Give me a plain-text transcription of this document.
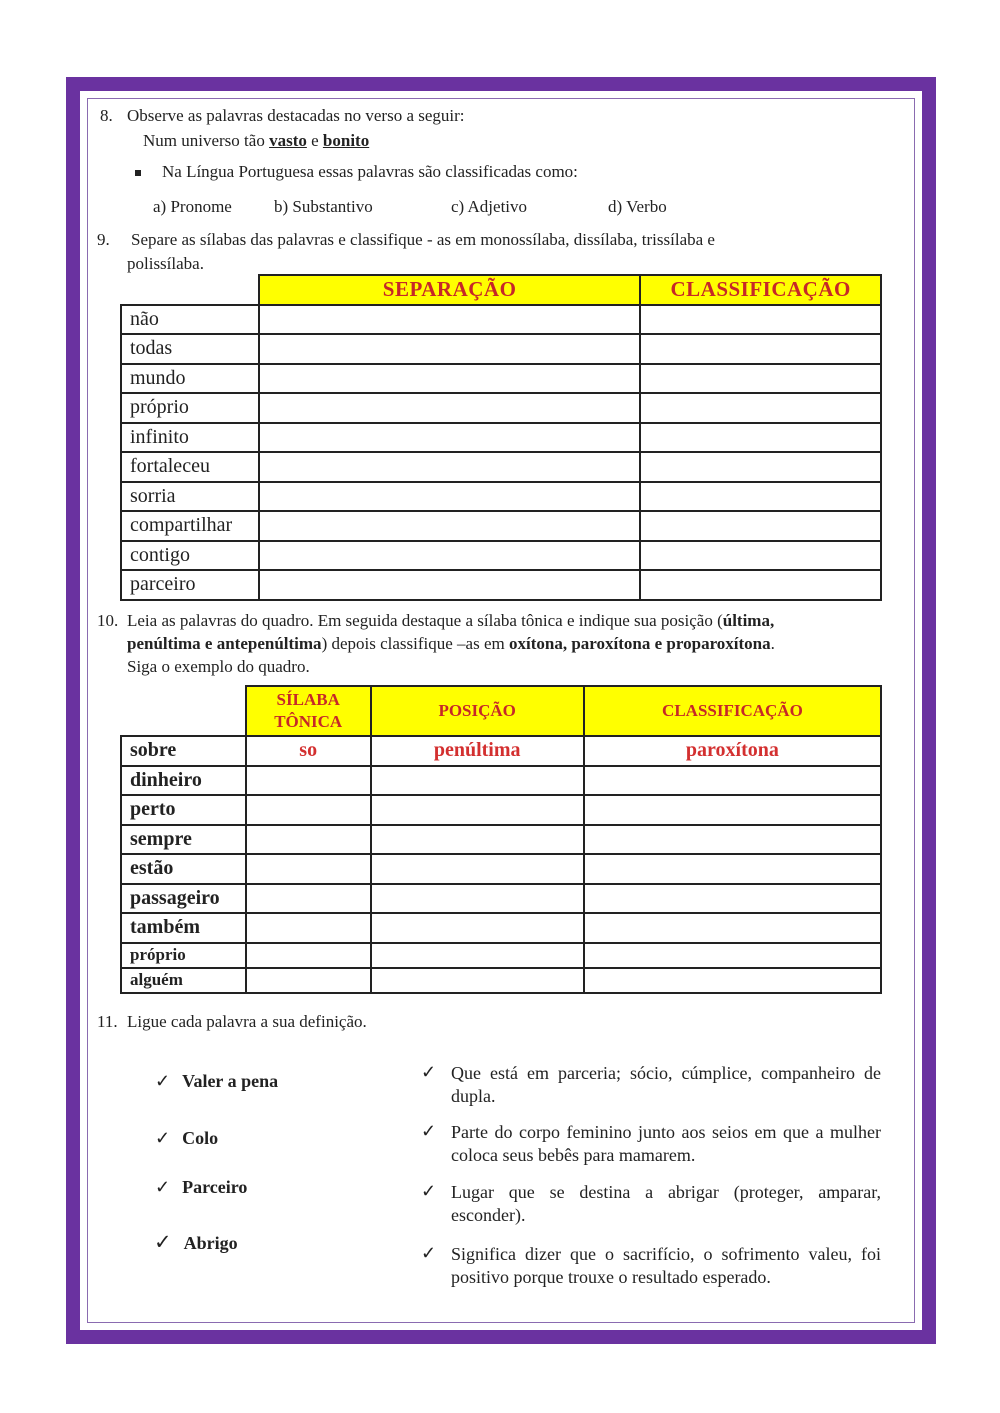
8. Observe as palavras destacadas no verso a seguir:
Num universo tão vasto e bonito
Na Língua Portuguesa essas palavras são classificadas como:
a) Pronome b) Substantivo	c) Adjetivo	d) Verbo
9. Separe as sílabas das palavras e classifique - as em monossílaba, dissílaba, trissílaba e
polissílaba.
	SEPARAÇÃO	CLASSIFICAÇÃO
não		
todas		
mundo		
próprio		
infinito		
fortaleceu		
sorria		
compartilhar		
contigo		
parceiro		
10. Leia as palavras do quadro. Em seguida destaque a sílaba tônica e indique sua posição (última,
penúltima e antepenúltima) depois classifique –as em oxítona, paroxítona e proparoxítona.
Siga o exemplo do quadro.
	SÍLABA TÔNICA	POSIÇÃO	CLASSIFICAÇÃO
sobre	so	penúltima	paroxítona
dinheiro			
perto			
sempre			
estão			
passageiro			
também			
próprio			
alguém			
11. Ligue cada palavra a sua definição.
✓ Valer a pena
✓ Colo
✓ Parceiro
✓ Abrigo
✓ Que está em parceria; sócio, cúmplice, companheiro de dupla.
✓ Parte do corpo feminino junto aos seios em que a mulher coloca seus bebês para mamarem.
✓ Lugar que se destina a abrigar (proteger, amparar, esconder).
✓ Significa dizer que o sacrifício, o sofrimento valeu, foi positivo porque trouxe o resultado esperado.
